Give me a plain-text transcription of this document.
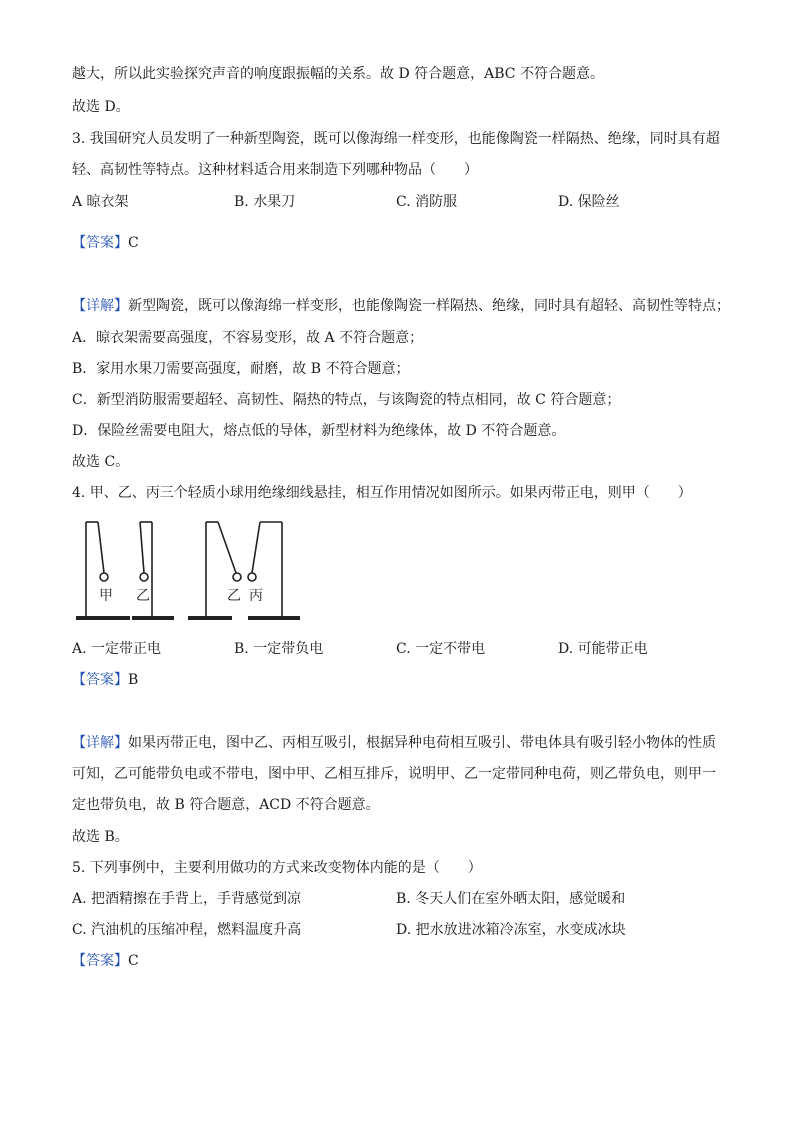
越大，所以此实验探究声音的响度跟振幅的关系。故 D 符合题意，ABC 不符合题意。
故选 D。
3. 我国研究人员发明了一种新型陶瓷，既可以像海绵一样变形，也能像陶瓷一样隔热、绝缘，同时具有超
轻、高韧性等特点。这种材料适合用来制造下列哪种物品（　　）
A 晾衣架	B. 水果刀	C. 消防服	D. 保险丝
【答案】C
【详解】新型陶瓷，既可以像海绵一样变形，也能像陶瓷一样隔热、绝缘，同时具有超轻、高韧性等特点；
A．晾衣架需要高强度，不容易变形，故 A 不符合题意；
B．家用水果刀需要高强度，耐磨，故 B 不符合题意；
C．新型消防服需要超轻、高韧性、隔热的特点，与该陶瓷的特点相同，故 C 符合题意；
D．保险丝需要电阻大，熔点低的导体，新型材料为绝缘体，故 D 不符合题意。
故选 C。
4. 甲、乙、丙三个轻质小球用绝缘细线悬挂，相互作用情况如图所示。如果丙带正电，则甲（　　）
甲 乙	乙 丙
A. 一定带正电	B. 一定带负电	C. 一定不带电	D. 可能带正电
【答案】B
【详解】如果丙带正电，图中乙、丙相互吸引，根据异种电荷相互吸引、带电体具有吸引轻小物体的性质
可知，乙可能带负电或不带电，图中甲、乙相互排斥，说明甲、乙一定带同种电荷，则乙带负电，则甲一
定也带负电，故 B 符合题意，ACD 不符合题意。
故选 B。
5. 下列事例中，主要利用做功的方式来改变物体内能的是（　　）
A. 把酒精擦在手背上，手背感觉到凉	B. 冬天人们在室外晒太阳，感觉暖和
C. 汽油机的压缩冲程，燃料温度升高	D. 把水放进冰箱冷冻室，水变成冰块
【答案】C
